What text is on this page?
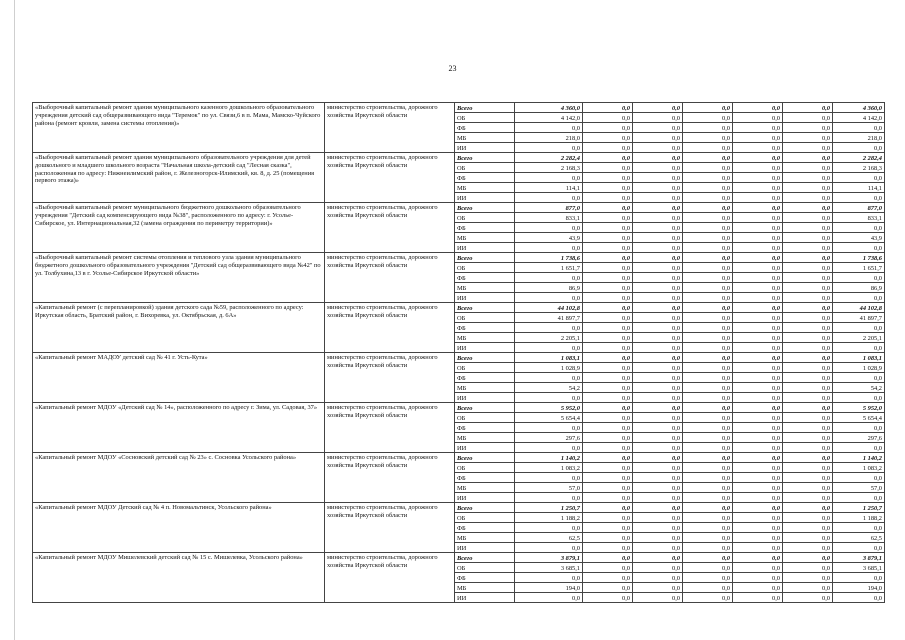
23
«Выборочный капитальный ремонт здания муниципального казенного дошкольного образовательного учреждения детский сад общеразвивающего вида "Теремок" по ул. Связи,6 в п. Мама, Мамско-Чуйского района (ремонт кровли, замена системы отопления)»	министерство строительства, дорожного хозяйства Иркутской области	Всего	4 360,0	0,0	0,0	0,0	0,0	0,0	4 360,0
		ОБ	4 142,0	0,0	0,0	0,0	0,0	0,0	4 142,0
		ФБ	0,0	0,0	0,0	0,0	0,0	0,0	0,0
		МБ	218,0	0,0	0,0	0,0	0,0	0,0	218,0
		ИИ	0,0	0,0	0,0	0,0	0,0	0,0	0,0
«Выборочный капитальный ремонт здания муниципального образовательного учреждения для детей дошкольного и младшего школьного возраста "Начальная школа-детский сад "Лесная сказка", расположенная по адресу: Нижнеилимский район, г. Железногорск-Илимский, кв. 8, д. 25 (помещения первого этажа)»	министерство строительства, дорожного хозяйства Иркутской области	Всего	2 282,4	0,0	0,0	0,0	0,0	0,0	2 282,4
		ОБ	2 168,3	0,0	0,0	0,0	0,0	0,0	2 168,3
		ФБ	0,0	0,0	0,0	0,0	0,0	0,0	0,0
		МБ	114,1	0,0	0,0	0,0	0,0	0,0	114,1
		ИИ	0,0	0,0	0,0	0,0	0,0	0,0	0,0
«Выборочный капитальный ремонт муниципального бюджетного дошкольного образовательного учреждения "Детский сад компенсирующего вида №38", расположенного по адресу: г. Усолье-Сибирское, ул. Интернациональная,32 (замена ограждения по периметру территории)»	министерство строительства, дорожного хозяйства Иркутской области	Всего	877,0	0,0	0,0	0,0	0,0	0,0	877,0
		ОБ	833,1	0,0	0,0	0,0	0,0	0,0	833,1
		ФБ	0,0	0,0	0,0	0,0	0,0	0,0	0,0
		МБ	43,9	0,0	0,0	0,0	0,0	0,0	43,9
		ИИ	0,0	0,0	0,0	0,0	0,0	0,0	0,0
«Выборочный капитальный ремонт системы отопления и теплового узла здания муниципального бюджетного дошкольного образовательного учреждения "Детский сад общеразвивающего вида №42" по ул. Толбухина,13 в г. Усолье-Сибирское Иркутской области»	министерство строительства, дорожного хозяйства Иркутской области	Всего	1 738,6	0,0	0,0	0,0	0,0	0,0	1 738,6
		ОБ	1 651,7	0,0	0,0	0,0	0,0	0,0	1 651,7
		ФБ	0,0	0,0	0,0	0,0	0,0	0,0	0,0
		МБ	86,9	0,0	0,0	0,0	0,0	0,0	86,9
		ИИ	0,0	0,0	0,0	0,0	0,0	0,0	0,0
«Капитальный ремонт (с перепланировкой) здания детского сада №59, расположенного по адресу: Иркутская область, Братский район, г. Вихоревка, ул. Октябрьская, д. 6А»	министерство строительства, дорожного хозяйства Иркутской области	Всего	44 102,8	0,0	0,0	0,0	0,0	0,0	44 102,8
		ОБ	41 897,7	0,0	0,0	0,0	0,0	0,0	41 897,7
		ФБ	0,0	0,0	0,0	0,0	0,0	0,0	0,0
		МБ	2 205,1	0,0	0,0	0,0	0,0	0,0	2 205,1
		ИИ	0,0	0,0	0,0	0,0	0,0	0,0	0,0
«Капитальный ремонт МАДОУ детский сад № 41 г. Усть-Кута»	министерство строительства, дорожного хозяйства Иркутской области	Всего	1 083,1	0,0	0,0	0,0	0,0	0,0	1 083,1
		ОБ	1 028,9	0,0	0,0	0,0	0,0	0,0	1 028,9
		ФБ	0,0	0,0	0,0	0,0	0,0	0,0	0,0
		МБ	54,2	0,0	0,0	0,0	0,0	0,0	54,2
		ИИ	0,0	0,0	0,0	0,0	0,0	0,0	0,0
«Капитальный ремонт МДОУ «Детский сад № 14», расположенного по адресу г. Зима, ул. Садовая, 37»	министерство строительства, дорожного хозяйства Иркутской области	Всего	5 952,0	0,0	0,0	0,0	0,0	0,0	5 952,0
		ОБ	5 654,4	0,0	0,0	0,0	0,0	0,0	5 654,4
		ФБ	0,0	0,0	0,0	0,0	0,0	0,0	0,0
		МБ	297,6	0,0	0,0	0,0	0,0	0,0	297,6
		ИИ	0,0	0,0	0,0	0,0	0,0	0,0	0,0
«Капитальный ремонт МДОУ «Сосновский детский сад № 23» с. Сосновка Усольского района»	министерство строительства, дорожного хозяйства Иркутской области	Всего	1 140,2	0,0	0,0	0,0	0,0	0,0	1 140,2
		ОБ	1 083,2	0,0	0,0	0,0	0,0	0,0	1 083,2
		ФБ	0,0	0,0	0,0	0,0	0,0	0,0	0,0
		МБ	57,0	0,0	0,0	0,0	0,0	0,0	57,0
		ИИ	0,0	0,0	0,0	0,0	0,0	0,0	0,0
«Капитальный ремонт МДОУ Детский сад № 4 п. Новомальтинск, Усольского района»	министерство строительства, дорожного хозяйства Иркутской области	Всего	1 250,7	0,0	0,0	0,0	0,0	0,0	1 250,7
		ОБ	1 188,2	0,0	0,0	0,0	0,0	0,0	1 188,2
		ФБ	0,0	0,0	0,0	0,0	0,0	0,0	0,0
		МБ	62,5	0,0	0,0	0,0	0,0	0,0	62,5
		ИИ	0,0	0,0	0,0	0,0	0,0	0,0	0,0
«Капитальный ремонт МДОУ Мишелевский детский сад № 15 с. Мишелевка, Усольского района»	министерство строительства, дорожного хозяйства Иркутской области	Всего	3 879,1	0,0	0,0	0,0	0,0	0,0	3 879,1
		ОБ	3 685,1	0,0	0,0	0,0	0,0	0,0	3 685,1
		ФБ	0,0	0,0	0,0	0,0	0,0	0,0	0,0
		МБ	194,0	0,0	0,0	0,0	0,0	0,0	194,0
		ИИ	0,0	0,0	0,0	0,0	0,0	0,0	0,0
